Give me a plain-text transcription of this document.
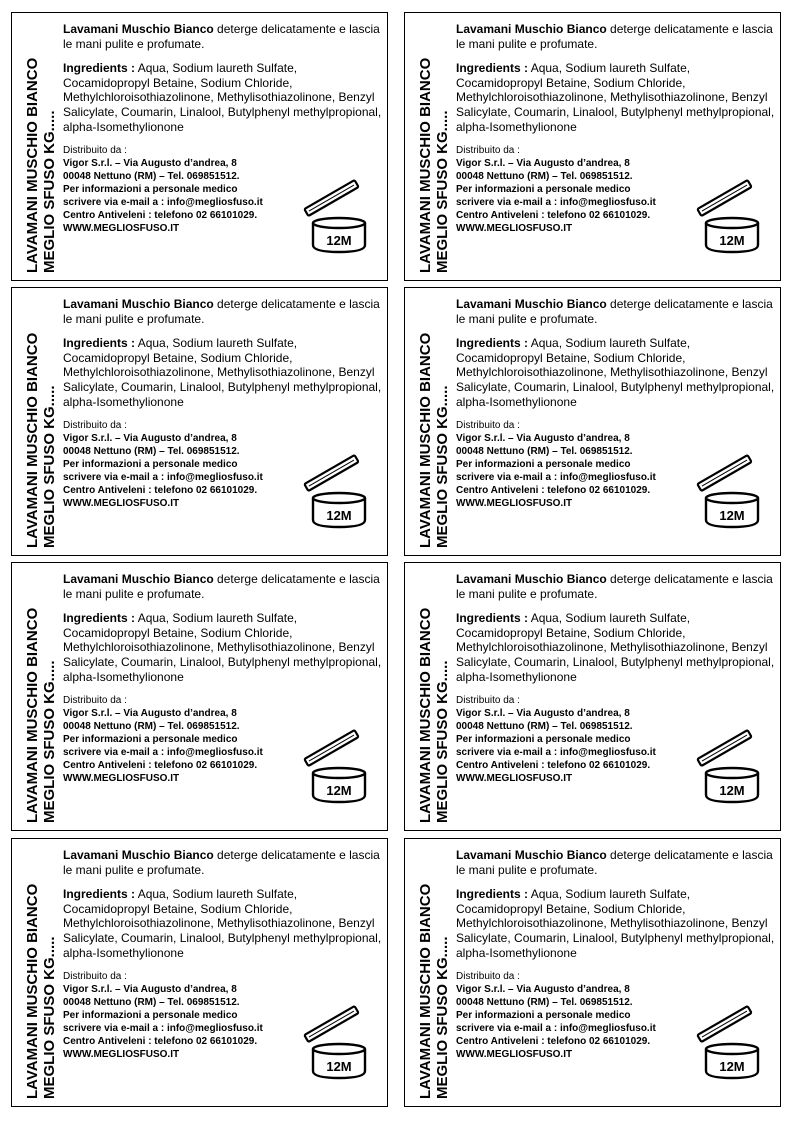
LAVAMANI MUSCHIO BIANCO MEGLIO SFUSO KG.....

Lavamani Muschio Bianco deterge delicatamente e lascia le mani pulite e profumate.

Ingredients : Aqua, Sodium laureth Sulfate, Cocamidopropyl Betaine, Sodium Chloride, Methylchloroisothiazolinone, Methylisothiazolinone, Benzyl Salicylate, Coumarin, Linalool, Butylphenyl methylpropional, alpha-Isomethylionone

Distribuito da :

Vigor S.r.l. – Via Augusto d’andrea, 8

00048 Nettuno (RM) – Tel. 069851512.

Per informazioni a personale medico

scrivere via e-mail a : info@megliosfuso.it

Centro Antiveleni : telefono 02 66101029.

WWW.MEGLIOSFUSO.IT

12M	LAVAMANI MUSCHIO BIANCO MEGLIO SFUSO KG.....

Lavamani Muschio Bianco deterge delicatamente e lascia le mani pulite e profumate.

Ingredients : Aqua, Sodium laureth Sulfate, Cocamidopropyl Betaine, Sodium Chloride, Methylchloroisothiazolinone, Methylisothiazolinone, Benzyl Salicylate, Coumarin, Linalool, Butylphenyl methylpropional, alpha-Isomethylionone

Distribuito da :

Vigor S.r.l. – Via Augusto d’andrea, 8

00048 Nettuno (RM) – Tel. 069851512.

Per informazioni a personale medico

scrivere via e-mail a : info@megliosfuso.it

Centro Antiveleni : telefono 02 66101029.

WWW.MEGLIOSFUSO.IT

12M
LAVAMANI MUSCHIO BIANCO MEGLIO SFUSO KG.....

Lavamani Muschio Bianco deterge delicatamente e lascia le mani pulite e profumate.

Ingredients : Aqua, Sodium laureth Sulfate, Cocamidopropyl Betaine, Sodium Chloride, Methylchloroisothiazolinone, Methylisothiazolinone, Benzyl Salicylate, Coumarin, Linalool, Butylphenyl methylpropional, alpha-Isomethylionone

Distribuito da :

Vigor S.r.l. – Via Augusto d’andrea, 8

00048 Nettuno (RM) – Tel. 069851512.

Per informazioni a personale medico

scrivere via e-mail a : info@megliosfuso.it

Centro Antiveleni : telefono 02 66101029.

WWW.MEGLIOSFUSO.IT

12M	LAVAMANI MUSCHIO BIANCO MEGLIO SFUSO KG.....

Lavamani Muschio Bianco deterge delicatamente e lascia le mani pulite e profumate.

Ingredients : Aqua, Sodium laureth Sulfate, Cocamidopropyl Betaine, Sodium Chloride, Methylchloroisothiazolinone, Methylisothiazolinone, Benzyl Salicylate, Coumarin, Linalool, Butylphenyl methylpropional, alpha-Isomethylionone

Distribuito da :

Vigor S.r.l. – Via Augusto d’andrea, 8

00048 Nettuno (RM) – Tel. 069851512.

Per informazioni a personale medico

scrivere via e-mail a : info@megliosfuso.it

Centro Antiveleni : telefono 02 66101029.

WWW.MEGLIOSFUSO.IT

12M
LAVAMANI MUSCHIO BIANCO MEGLIO SFUSO KG.....

Lavamani Muschio Bianco deterge delicatamente e lascia le mani pulite e profumate.

Ingredients : Aqua, Sodium laureth Sulfate, Cocamidopropyl Betaine, Sodium Chloride, Methylchloroisothiazolinone, Methylisothiazolinone, Benzyl Salicylate, Coumarin, Linalool, Butylphenyl methylpropional, alpha-Isomethylionone

Distribuito da :

Vigor S.r.l. – Via Augusto d’andrea, 8

00048 Nettuno (RM) – Tel. 069851512.

Per informazioni a personale medico

scrivere via e-mail a : info@megliosfuso.it

Centro Antiveleni : telefono 02 66101029.

WWW.MEGLIOSFUSO.IT

12M	LAVAMANI MUSCHIO BIANCO MEGLIO SFUSO KG.....

Lavamani Muschio Bianco deterge delicatamente e lascia le mani pulite e profumate.

Ingredients : Aqua, Sodium laureth Sulfate, Cocamidopropyl Betaine, Sodium Chloride, Methylchloroisothiazolinone, Methylisothiazolinone, Benzyl Salicylate, Coumarin, Linalool, Butylphenyl methylpropional, alpha-Isomethylionone

Distribuito da :

Vigor S.r.l. – Via Augusto d’andrea, 8

00048 Nettuno (RM) – Tel. 069851512.

Per informazioni a personale medico

scrivere via e-mail a : info@megliosfuso.it

Centro Antiveleni : telefono 02 66101029.

WWW.MEGLIOSFUSO.IT

12M
LAVAMANI MUSCHIO BIANCO MEGLIO SFUSO KG.....

Lavamani Muschio Bianco deterge delicatamente e lascia le mani pulite e profumate.

Ingredients : Aqua, Sodium laureth Sulfate, Cocamidopropyl Betaine, Sodium Chloride, Methylchloroisothiazolinone, Methylisothiazolinone, Benzyl Salicylate, Coumarin, Linalool, Butylphenyl methylpropional, alpha-Isomethylionone

Distribuito da :

Vigor S.r.l. – Via Augusto d’andrea, 8

00048 Nettuno (RM) – Tel. 069851512.

Per informazioni a personale medico

scrivere via e-mail a : info@megliosfuso.it

Centro Antiveleni : telefono 02 66101029.

WWW.MEGLIOSFUSO.IT

12M	LAVAMANI MUSCHIO BIANCO MEGLIO SFUSO KG.....

Lavamani Muschio Bianco deterge delicatamente e lascia le mani pulite e profumate.

Ingredients : Aqua, Sodium laureth Sulfate, Cocamidopropyl Betaine, Sodium Chloride, Methylchloroisothiazolinone, Methylisothiazolinone, Benzyl Salicylate, Coumarin, Linalool, Butylphenyl methylpropional, alpha-Isomethylionone

Distribuito da :

Vigor S.r.l. – Via Augusto d’andrea, 8

00048 Nettuno (RM) – Tel. 069851512.

Per informazioni a personale medico

scrivere via e-mail a : info@megliosfuso.it

Centro Antiveleni : telefono 02 66101029.

WWW.MEGLIOSFUSO.IT

12M
